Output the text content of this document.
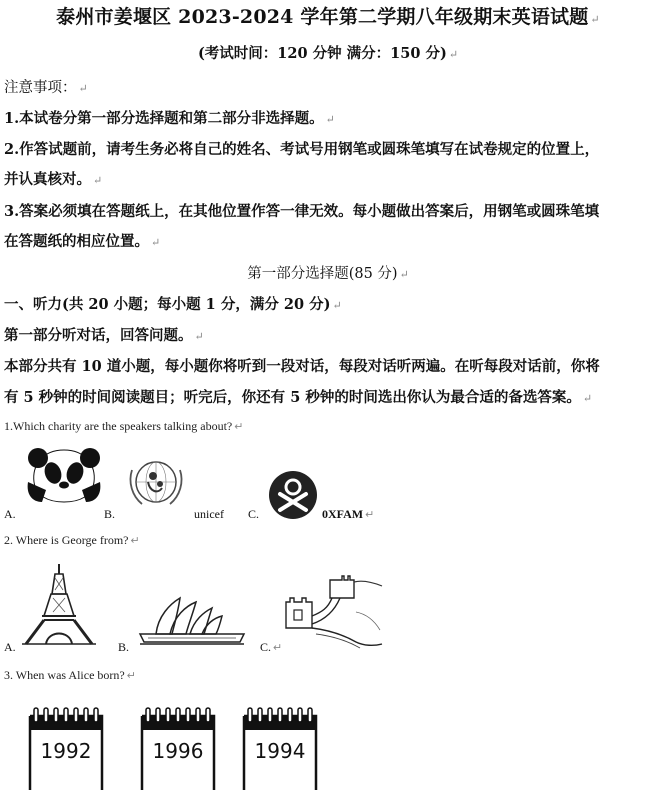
泰州市姜堰区 2023-2024 学年第二学期八年级期末英语试题 ↵
(考试时间：120 分钟 满分：150 分) ↵
注意事项： ↵
1.本试卷分第一部分选择题和第二部分非选择题。 ↵
2.作答试题前，请考生务必将自己的姓名、考试号用钢笔或圆珠笔填写在试卷规定的位置上，
并认真核对。 ↵
3.答案必须填在答题纸上，在其他位置作答一律无效。每小题做出答案后，用钢笔或圆珠笔填
在答题纸的相应位置。 ↵
第一部分选择题(85 分) ↵
一、听力(共 20 小题；每小题 1 分，满分 20 分) ↵
第一部分听对话，回答问题。 ↵
本部分共有 10 道小题，每小题你将听到一段对话，每段对话听两遍。在听每段对话前，你将
有 5 秒钟的时间阅读题目；听完后，你还有 5 秒钟的时间选出你认为最合适的备选答案。 ↵
1.Which charity are the speakers talking about? ↵
A.	B.	unicef C.	0XFAM ↵
2. Where is George from? ↵
A.	B.	C. ↵
3. When was Alice born? ↵
1992	1996	1994
